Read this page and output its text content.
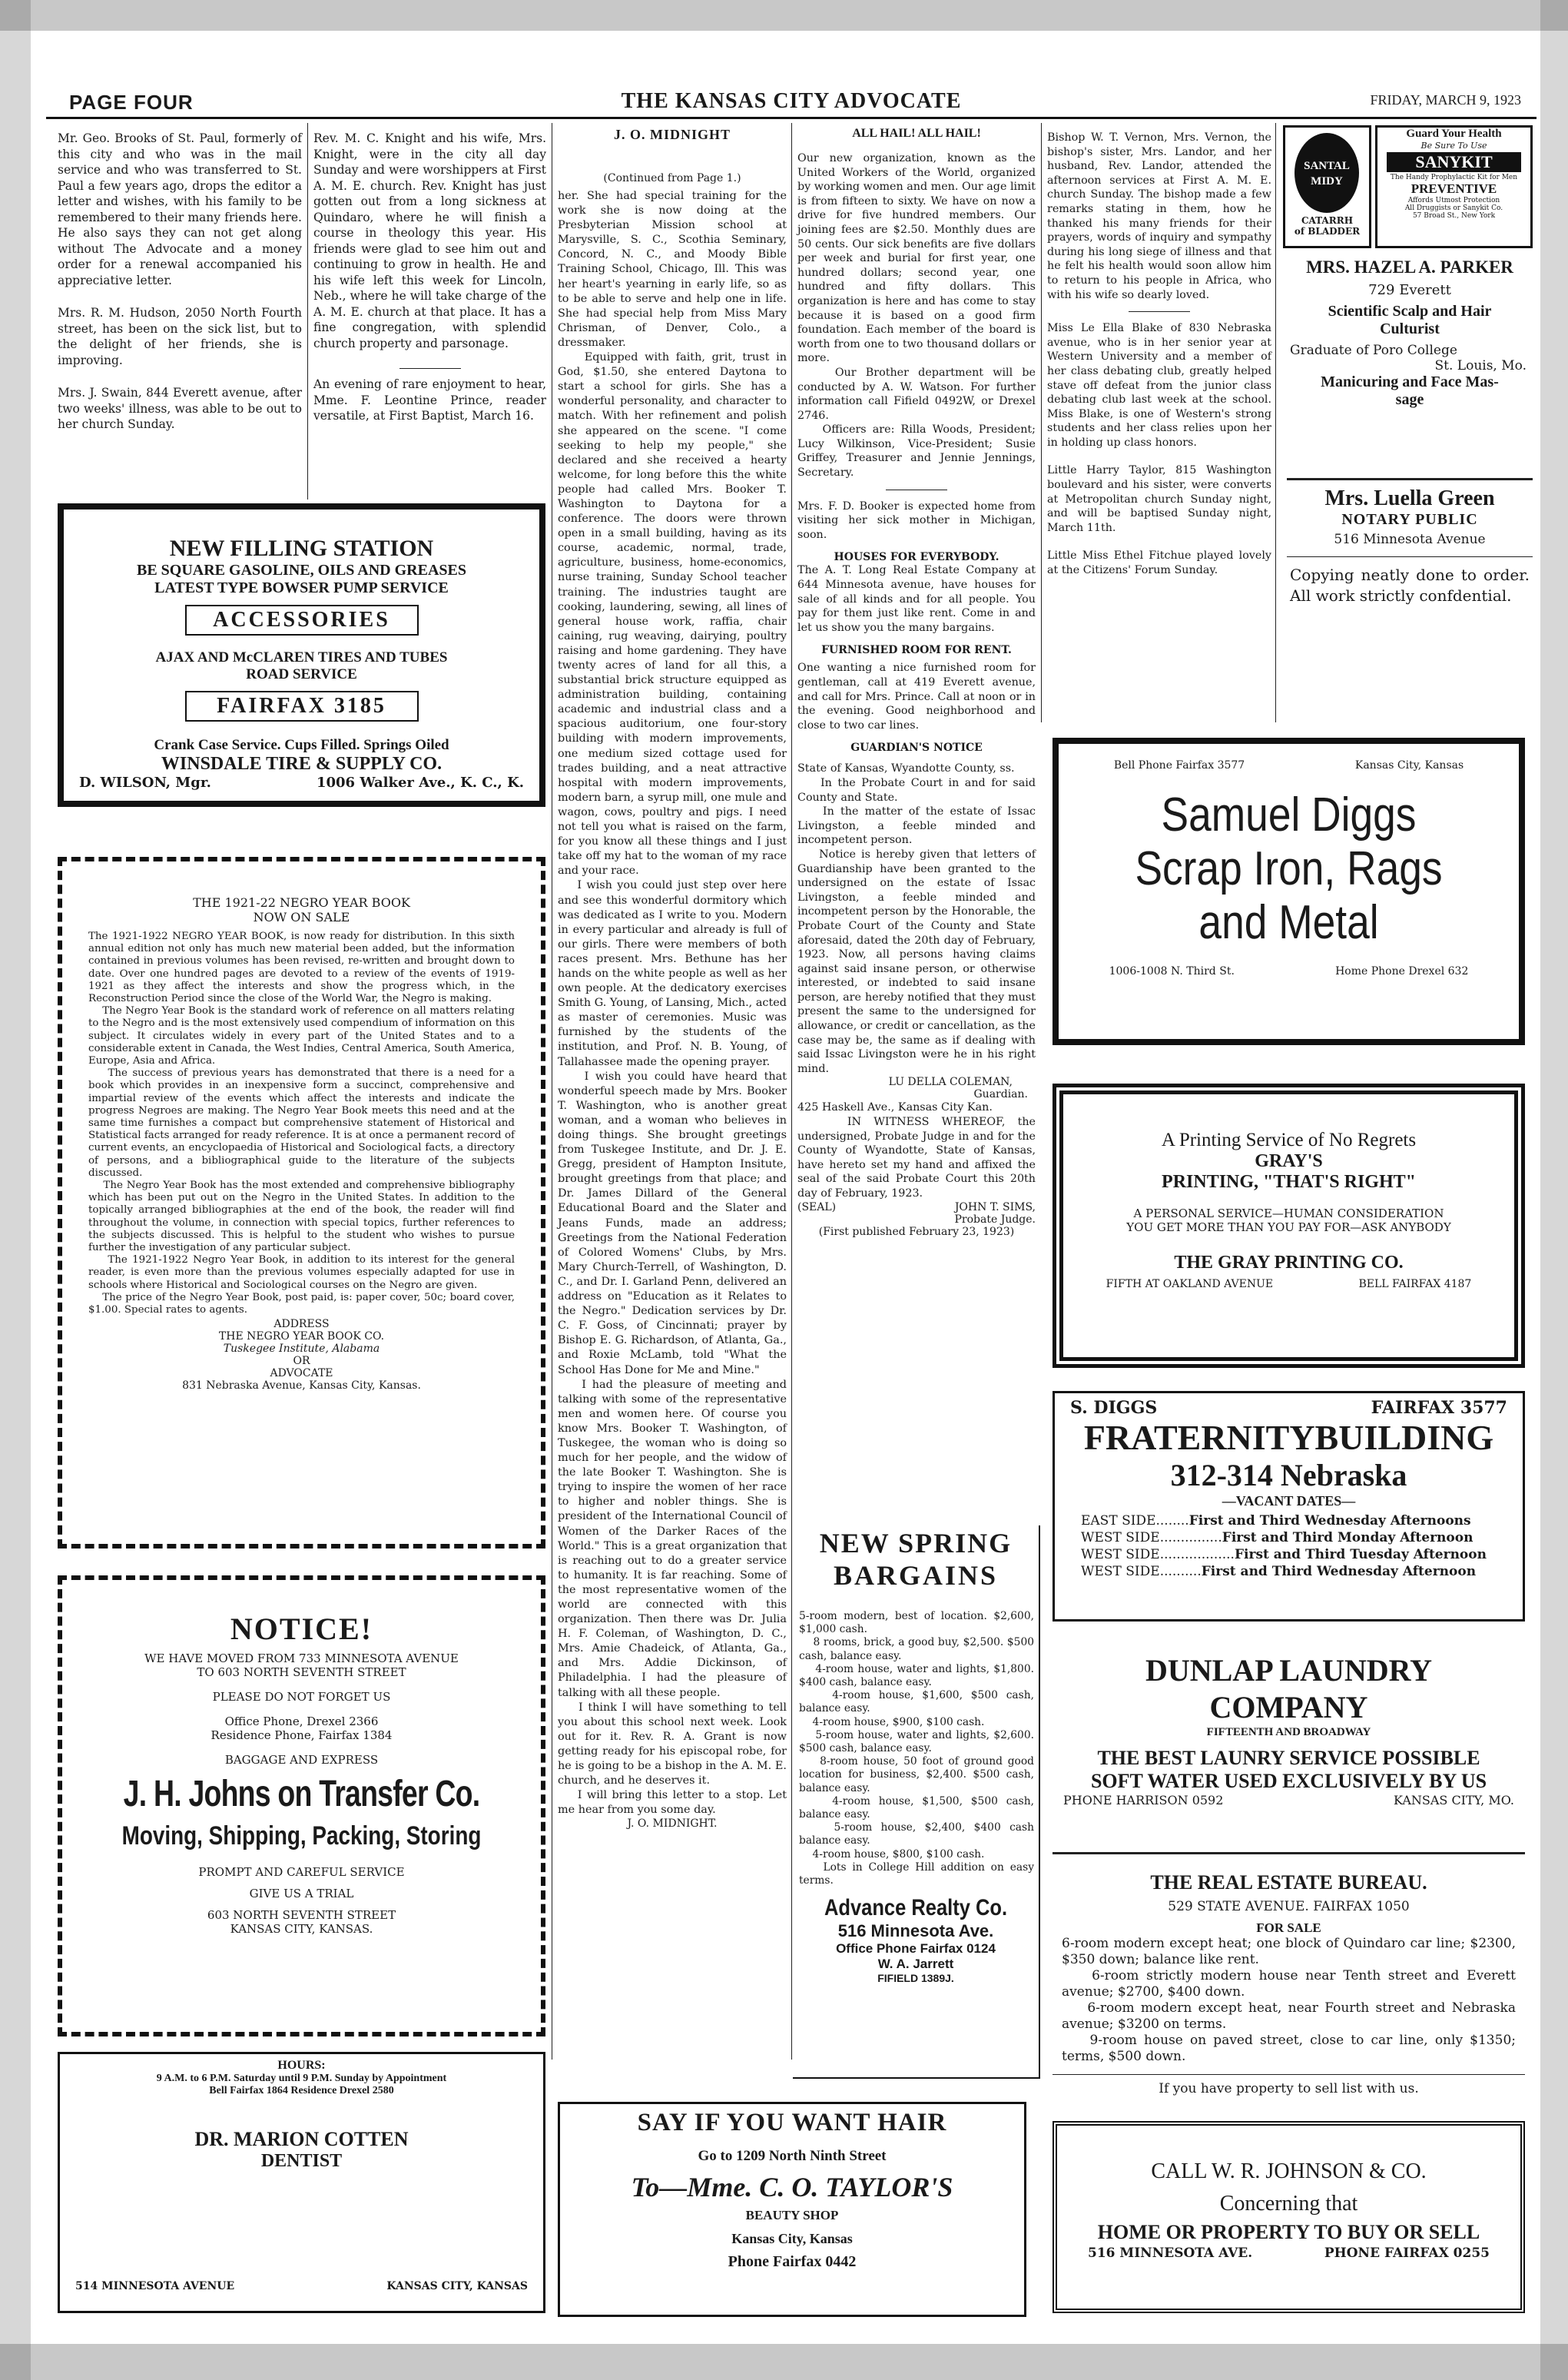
PAGE FOUR	THE KANSAS CITY ADVOCATE	FRIDAY, MARCH 9, 1923

Mr. Geo. Brooks of St. Paul, formerly of this city and who was in the mail service and who was transferred to St. Paul a few years ago, drops the editor a letter and wishes, with his family to be remembered to their many friends here. He also says they can not get along without The Advocate and a money order for a renewal accompanied his appreciative letter.

Mrs. R. M. Hudson, 2050 North Fourth street, has been on the sick list, but to the delight of her friends, she is improving.

Mrs. J. Swain, 844 Everett avenue, after two weeks' illness, was able to be out to her church Sunday.

Rev. M. C. Knight and his wife, Mrs. Knight, were in the city all day Sunday and were worshippers at First A. M. E. church. Rev. Knight has just gotten out from a long sickness at Quindaro, where he will finish a course in theology this year. His friends were glad to see him out and continuing to grow in health. He and his wife left this week for Lincoln, Neb., where he will take charge of the A. M. E. church at that place. It has a fine congregation, with splendid church property and parsonage.

An evening of rare enjoyment to hear, Mme. F. Leontine Prince, reader versatile, at First Baptist, March 16.

NEW FILLING STATION
BE SQUARE GASOLINE, OILS AND GREASES
LATEST TYPE BOWSER PUMP SERVICE
ACCESSORIES
AJAX AND McCLAREN TIRES AND TUBES
ROAD SERVICE
FAIRFAX 3185
Crank Case Service. Cups Filled. Springs Oiled
WINSDALE TIRE & SUPPLY CO.
D. WILSON, Mgr.	1006 Walker Ave., K. C., K.
THE 1921-22 NEGRO YEAR BOOK
NOW ON SALE

The 1921-1922 NEGRO YEAR BOOK, is now ready for distribution. In this sixth annual edition not only has much new material been added, but the information contained in previous volumes has been revised, re-written and brought down to date. Over one hundred pages are devoted to a review of the events of 1919-1921 as they affect the interests and show the progress which, in the Reconstruction Period since the close of the World War, the Negro is making.
The Negro Year Book is the standard work of reference on all matters relating to the Negro and is the most extensively used compendium of information on this subject. It circulates widely in every part of the United States and to a considerable extent in Canada, the West Indies, Central America, South America, Europe, Asia and Africa.
The success of previous years has demonstrated that there is a need for a book which provides in an inexpensive form a succinct, comprehensive and impartial review of the events which affect the interests and indicate the progress Negroes are making. The Negro Year Book meets this need and at the same time furnishes a compact but comprehensive statement of Historical and Statistical facts arranged for ready reference. It is at once a permanent record of current events, an encyclopaedia of Historical and Sociological facts, a directory of persons, and a bibliographical guide to the literature of the subjects discussed.
The Negro Year Book has the most extended and comprehensive bibliography which has been put out on the Negro in the United States. In addition to the topically arranged bibliographies at the end of the book, the reader will find throughout the volume, in connection with special topics, further references to the subjects discussed. This is helpful to the student who wishes to pursue further the investigation of any particular subject.
The 1921-1922 Negro Year Book, in addition to its interest for the general reader, is even more than the previous volumes especially adapted for use in schools where Historical and Sociological courses on the Negro are given.
The price of the Negro Year Book, post paid, is: paper cover, 50c; board cover, $1.00. Special rates to agents.

ADDRESS
THE NEGRO YEAR BOOK CO.
Tuskegee Institute, Alabama
OR
ADVOCATE
831 Nebraska Avenue, Kansas City, Kansas.
NOTICE!
WE HAVE MOVED FROM 733 MINNESOTA AVENUE
TO 603 NORTH SEVENTH STREET
PLEASE DO NOT FORGET US
Office Phone, Drexel 2366
Residence Phone, Fairfax 1384
BAGGAGE AND EXPRESS
J. H. Johns on Transfer Co.
Moving, Shipping, Packing, Storing
PROMPT AND CAREFUL SERVICE
GIVE US A TRIAL
603 NORTH SEVENTH STREET
KANSAS CITY, KANSAS.
HOURS:
9 A.M. to 6 P.M. Saturday until 9 P.M. Sunday by Appointment
Bell Fairfax 1864 Residence Drexel 2580
DR. MARION COTTEN
DENTIST
514 MINNESOTA AVENUE	KANSAS CITY, KANSAS
J. O. MIDNIGHT
(Continued from Page 1.)

her. She had special training for the work she is now doing at the Presbyterian Mission school at Marysville, S. C., Scothia Seminary, Concord, N. C., and Moody Bible Training School, Chicago, Ill. This was her heart's yearning in early life, so as to be able to serve and help one in life. She had special help from Miss Mary Chrisman, of Denver, Colo., a dressmaker.
Equipped with faith, grit, trust in God, $1.50, she entered Daytona to start a school for girls. She has a wonderful personality, and character to match. With her refinement and polish she appeared on the scene. "I come seeking to help my people," she declared and she received a hearty welcome, for long before this the white people had called Mrs. Booker T. Washington to Daytona for a conference. The doors were thrown open in a small building, having as its course, academic, normal, trade, agriculture, business, home-economics, nurse training, Sunday School teacher training. The industries taught are cooking, laundering, sewing, all lines of general house work, raffia, chair caining, rug weaving, dairying, poultry raising and home gardening. They have twenty acres of land for all this, a substantial brick structure equipped as administration building, containing academic and industrial class and a spacious auditorium, one four-story building with modern improvements, one medium sized cottage used for trades building, and a neat attractive hospital with modern improvements, modern barn, a syrup mill, one mule and wagon, cows, poultry and pigs. I need not tell you what is raised on the farm, for you know all these things and I just take off my hat to the woman of my race and your race.
I wish you could just step over here and see this wonderful dormitory which was dedicated as I write to you. Modern in every particular and already is full of our girls. There were members of both races present. Mrs. Bethune has her hands on the white people as well as her own people. At the dedicatory exercises Smith G. Young, of Lansing, Mich., acted as master of ceremonies. Music was furnished by the students of the institution, and Prof. N. B. Young, of Tallahassee made the opening prayer.
I wish you could have heard that wonderful speech made by Mrs. Booker T. Washington, who is another great woman, and a woman who believes in doing things. She brought greetings from Tuskegee Institute, and Dr. J. E. Gregg, president of Hampton Insitute, brought greetings from that place; and Dr. James Dillard of the General Educational Board and the Slater and Jeans Funds, made an address; Greetings from the National Federation of Colored Womens' Clubs, by Mrs. Mary Church-Terrell, of Washington, D. C., and Dr. I. Garland Penn, delivered an address on "Education as it Relates to the Negro." Dedication services by Dr. C. F. Goss, of Cincinnati; prayer by Bishop E. G. Richardson, of Atlanta, Ga., and Roxie McLamb, told "What the School Has Done for Me and Mine."
I had the pleasure of meeting and talking with some of the representative men and women here. Of course you know Mrs. Booker T. Washington, of Tuskegee, the woman who is doing so much for her people, and the widow of the late Booker T. Washington. She is trying to inspire the women of her race to higher and nobler things. She is president of the International Council of Women of the Darker Races of the World." This is a great organization that is reaching out to do a greater service to humanity. It is far reaching. Some of the most representative women of the world are connected with this organization. Then there was Dr. Julia H. F. Coleman, of Washington, D. C., Mrs. Amie Chadeick, of Atlanta, Ga., and Mrs. Addie Dickinson, of Philadelphia. I had the pleasure of talking with all these people.
I think I will have something to tell you about this school next week. Look out for it. Rev. R. A. Grant is now getting ready for his episcopal robe, for he is going to be a bishop in the A. M. E. church, and he deserves it.
I will bring this letter to a stop. Let me hear from you some day.

J. O. MIDNIGHT.
SAY IF YOU WANT HAIR
Go to 1209 North Ninth Street
To—Mme. C. O. TAYLOR'S
BEAUTY SHOP
Kansas City, Kansas
Phone Fairfax 0442
ALL HAIL! ALL HAIL!

Our new organization, known as the United Workers of the World, organized by working women and men. Our age limit is from fifteen to sixty. We have on now a drive for five hundred members. Our joining fees are $2.50. Monthly dues are 50 cents. Our sick benefits are five dollars per week and burial for first year, one hundred dollars; second year, one hundred and fifty dollars. This organization is here and has come to stay because it is based on a good firm foundation. Each member of the board is worth from one to two thousand dollars or more.
Our Brother department will be conducted by A. W. Watson. For further information call Fifield 0492W, or Drexel 2746.
Officers are: Rilla Woods, President; Lucy Wilkinson, Vice-President; Susie Griffey, Treasurer and Jennie Jennings, Secretary.

Mrs. F. D. Booker is expected home from visiting her sick mother in Michigan, soon.

HOUSES FOR EVERYBODY.

The A. T. Long Real Estate Company at 644 Minnesota avenue, have houses for sale of all kinds and for all people. You pay for them just like rent. Come in and let us show you the many bargains.

FURNISHED ROOM FOR RENT.

One wanting a nice furnished room for gentleman, call at 419 Everett avenue, and call for Mrs. Prince. Call at noon or in the evening. Good neighborhood and close to two car lines.

GUARDIAN'S NOTICE

State of Kansas, Wyandotte County, ss.
In the Probate Court in and for said County and State.
In the matter of the estate of Issac Livingston, a feeble minded and incompetent person.
Notice is hereby given that letters of Guardianship have been granted to the undersigned on the estate of Issac Livingston, a feeble minded and incompetent person by the Honorable, the Probate Court of the County and State aforesaid, dated the 20th day of February, 1923. Now, all persons having claims against said insane person, or otherwise interested, or indebted to said insane person, are hereby notified that they must present the same to the undersigned for allowance, or credit or cancellation, as the case may be, the same as if dealing with said Issac Livingston were he in his right mind.

LU DELLA COLEMAN,
Guardian.

425 Haskell Ave., Kansas City Kan.
IN WITNESS WHEREOF, the undersigned, Probate Judge in and for the County of Wyandotte, State of Kansas, have hereto set my hand and affixed the seal of the said Probate Court this 20th day of February, 1923.

(SEAL)	JOHN T. SIMS,
Probate Judge.
(First published February 23, 1923)
NEW SPRING
BARGAINS

5-room modern, best of location. $2,600, $1,000 cash.
8 rooms, brick, a good buy, $2,500. $500 cash, balance easy.
4-room house, water and lights, $1,800. $400 cash, balance easy.
4-room house, $1,600, $500 cash, balance easy.
4-room house, $900, $100 cash.
5-room house, water and lights, $2,600. $500 cash, balance easy.
8-room house, 50 foot of ground good location for business, $2,400. $500 cash, balance easy.
4-room house, $1,500, $500 cash, balance easy.
5-room house, $2,400, $400 cash balance easy.
4-room house, $800, $100 cash.
Lots in College Hill addition on easy terms.

Advance Realty Co.
516 Minnesota Ave.
Office Phone Fairfax 0124
W. A. Jarrett
FIFIELD 1389J.

Bishop W. T. Vernon, Mrs. Vernon, the bishop's sister, Mrs. Landor, and her husband, Rev. Landor, attended the afternoon services at First A. M. E. church Sunday. The bishop made a few remarks stating in them, how he thanked his many friends for their prayers, words of inquiry and sympathy during his long siege of illness and that he felt his health would soon allow him to return to his people in Africa, who with his wife so dearly loved.

Miss Le Ella Blake of 830 Nebraska avenue, who is in her senior year at Western University and a member of her class debating club, greatly helped stave off defeat from the junior class debating club last week at the school. Miss Blake, is one of Western's strong students and her class relies upon her in holding up class honors.

Little Harry Taylor, 815 Washington boulevard and his sister, were converts at Metropolitan church Sunday night, and will be baptised Sunday night, March 11th.

Little Miss Ethel Fitchue played lovely at the Citizens' Forum Sunday.

SANTAL
MIDY
CATARRH
of BLADDER
Guard Your Health
Be Sure To Use
SANYKIT
The Handy Prophylactic Kit for Men
PREVENTIVE
Affords Utmost Protection
All Druggists or Sanykit Co.
57 Broad St., New York
MRS. HAZEL A. PARKER
729 Everett
Scientific Scalp and Hair
Culturist
Graduate of Poro College
St. Louis, Mo.
Manicuring and Face Mas-
sage
Mrs. Luella Green
NOTARY PUBLIC
516 Minnesota Avenue

Copying neatly done to order. All work strictly confdential.

Bell Phone Fairfax 3577	Kansas City, Kansas
Samuel Diggs
Scrap Iron, Rags
and Metal
1006-1008 N. Third St.	Home Phone Drexel 632
A Printing Service of No Regrets
GRAY'S
PRINTING, "THAT'S RIGHT"
A PERSONAL SERVICE—HUMAN CONSIDERATION
YOU GET MORE THAN YOU PAY FOR—ASK ANYBODY
THE GRAY PRINTING CO.
FIFTH AT OAKLAND AVENUE	BELL FAIRFAX 4187
S. DIGGS	FAIRFAX 3577
FRATERNITYBUILDING
312-314 Nebraska
—VACANT DATES—
EAST SIDE........First and Third Wednesday Afternoons
WEST SIDE...............First and Third Monday Afternoon
WEST SIDE..................First and Third Tuesday Afternoon
WEST SIDE..........First and Third Wednesday Afternoon
DUNLAP LAUNDRY
COMPANY
FIFTEENTH AND BROADWAY
THE BEST LAUNRY SERVICE POSSIBLE
SOFT WATER USED EXCLUSIVELY BY US
PHONE HARRISON 0592	KANSAS CITY, MO.
THE REAL ESTATE BUREAU.
529 STATE AVENUE. FAIRFAX 1050
FOR SALE

6-room modern except heat; one block of Quindaro car line; $2300, $350 down; balance like rent.
6-room strictly modern house near Tenth street and Everett avenue; $2700, $400 down.
6-room modern except heat, near Fourth street and Nebraska avenue; $3200 on terms.
9-room house on paved street, close to car line, only $1350; terms, $500 down.

If you have property to sell list with us.
CALL W. R. JOHNSON & CO.
Concerning that
HOME OR PROPERTY TO BUY OR SELL
516 MINNESOTA AVE.	PHONE FAIRFAX 0255
